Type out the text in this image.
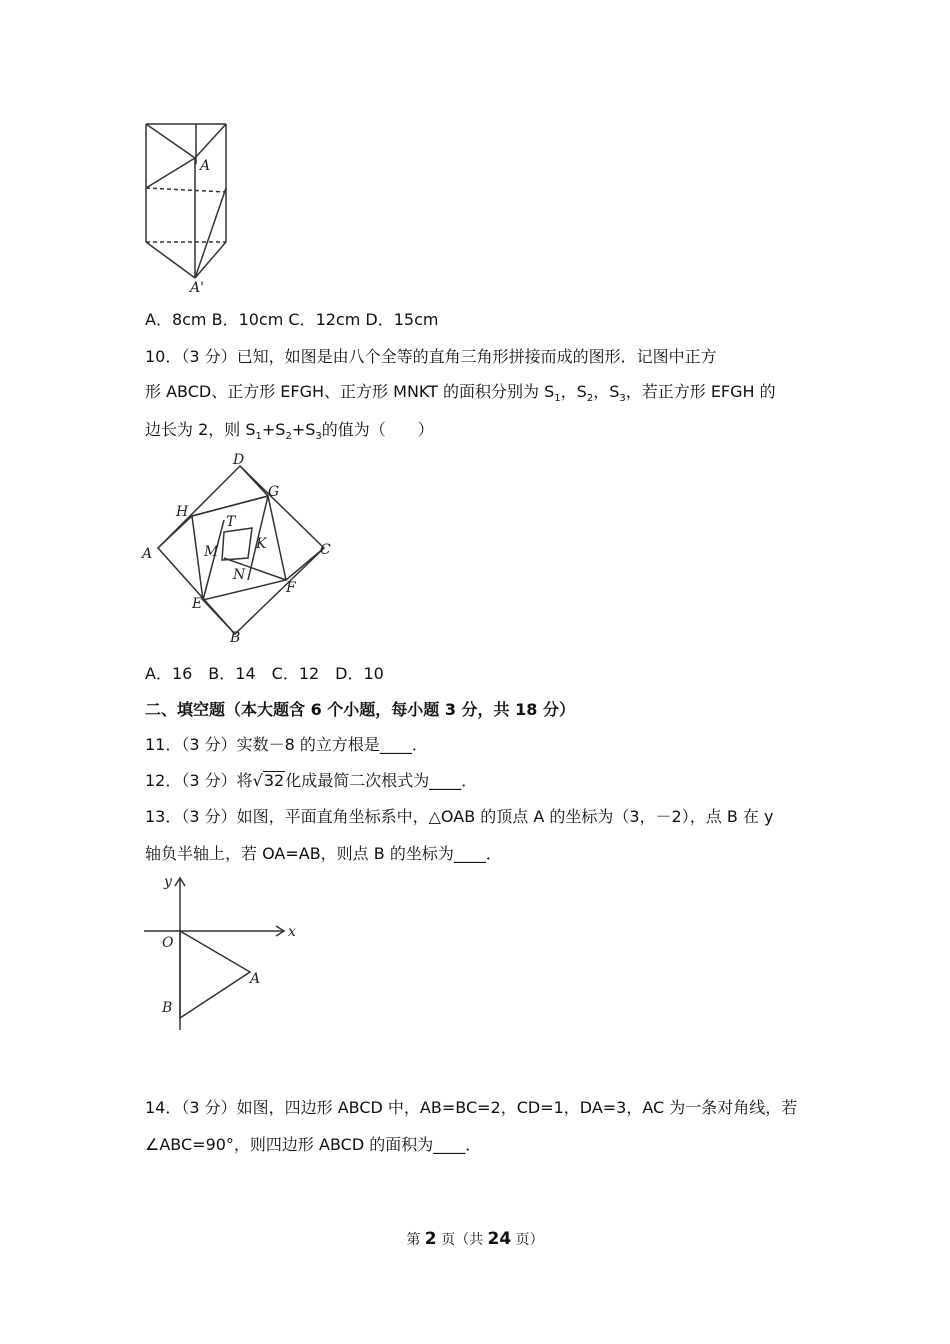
A
A'
A．8cm B．10cm C．12cm D．15cm
10．（3 分）已知，如图是由八个全等的直角三角形拼接而成的图形．记图中正方
形 ABCD、正方形 EFGH、正方形 MNKT 的面积分别为 $S_1$，$S_2$，$S_3$，若正方形 EFGH 的
边长为 2，则 $S_1+S_2+S_3$的值为（　　）
A
B
C
D
E
F
G
H
M
N
K
T
A．16　B．14　C．12　D．10
二、填空题（本大题含 6 个小题，每小题 3 分，共 18 分）
11．（3 分）实数－8 的立方根是____．
12．（3 分）将√32化成最简二次根式为____．
13．（3 分）如图，平面直角坐标系中，△OAB 的顶点 A 的坐标为（3，－2），点 B 在 y
轴负半轴上，若 OA=AB，则点 B 的坐标为____．
y
x
O
A
B
14．（3 分）如图，四边形 ABCD 中，AB=BC=2，CD=1，DA=3，AC 为一条对角线，若
∠ABC=90°，则四边形 ABCD 的面积为____．
第 2 页（共 24 页）
